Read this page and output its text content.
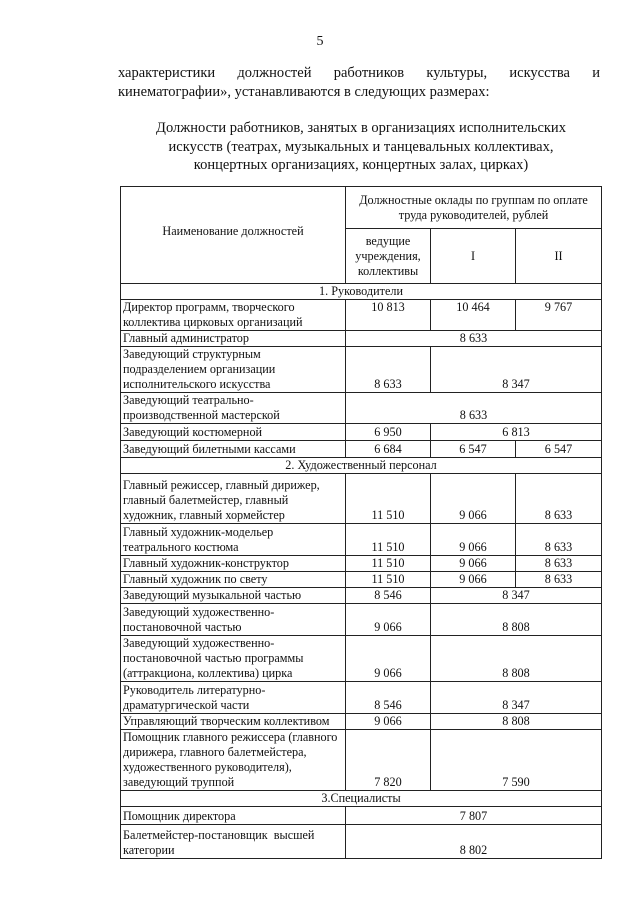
5
характеристики должностей работников культуры, искусства и
кинематографии», устанавливаются в следующих размерах:
Должности работников, занятых в организациях исполнительских
искусств (театрах, музыкальных и танцевальных коллективах,
концертных организациях, концертных залах, цирках)
Наименование должностей	Должностные оклады по группам по оплате труда руководителей, рублей		
	ведущие учреждения, коллективы	I	II
1. Руководители			
Директор программ, творческого коллектива цирковых организаций	10 813	10 464	9 767
Главный администратор	8 633		
Заведующий структурным подразделением организации исполнительского искусства	8 633	8 347	
Заведующий театрально-производственной мастерской	8 633		
Заведующий костюмерной	6 950	6 813	
Заведующий билетными кассами	6 684	6 547	6 547
2. Художественный персонал			
Главный режиссер, главный дирижер, главный балетмейстер, главный художник, главный хормейстер	11 510	9 066	8 633
Главный художник-модельер театрального костюма	11 510	9 066	8 633
Главный художник-конструктор	11 510	9 066	8 633
Главный художник по свету	11 510	9 066	8 633
Заведующий музыкальной частью	8 546	8 347	
Заведующий художественно-постановочной частью	9 066	8 808	
Заведующий художественно-постановочной частью программы (аттракциона, коллектива) цирка	9 066	8 808	
Руководитель литературно-драматургической части	8 546	8 347	
Управляющий творческим коллективом	9 066	8 808	
Помощник главного режиссера (главного дирижера, главного балетмейстера, художественного руководителя), заведующий труппой	7 820	7 590	
3.Специалисты			
Помощник директора	7 807		
Балетмейстер-постановщик  высшей категории	8 802		
